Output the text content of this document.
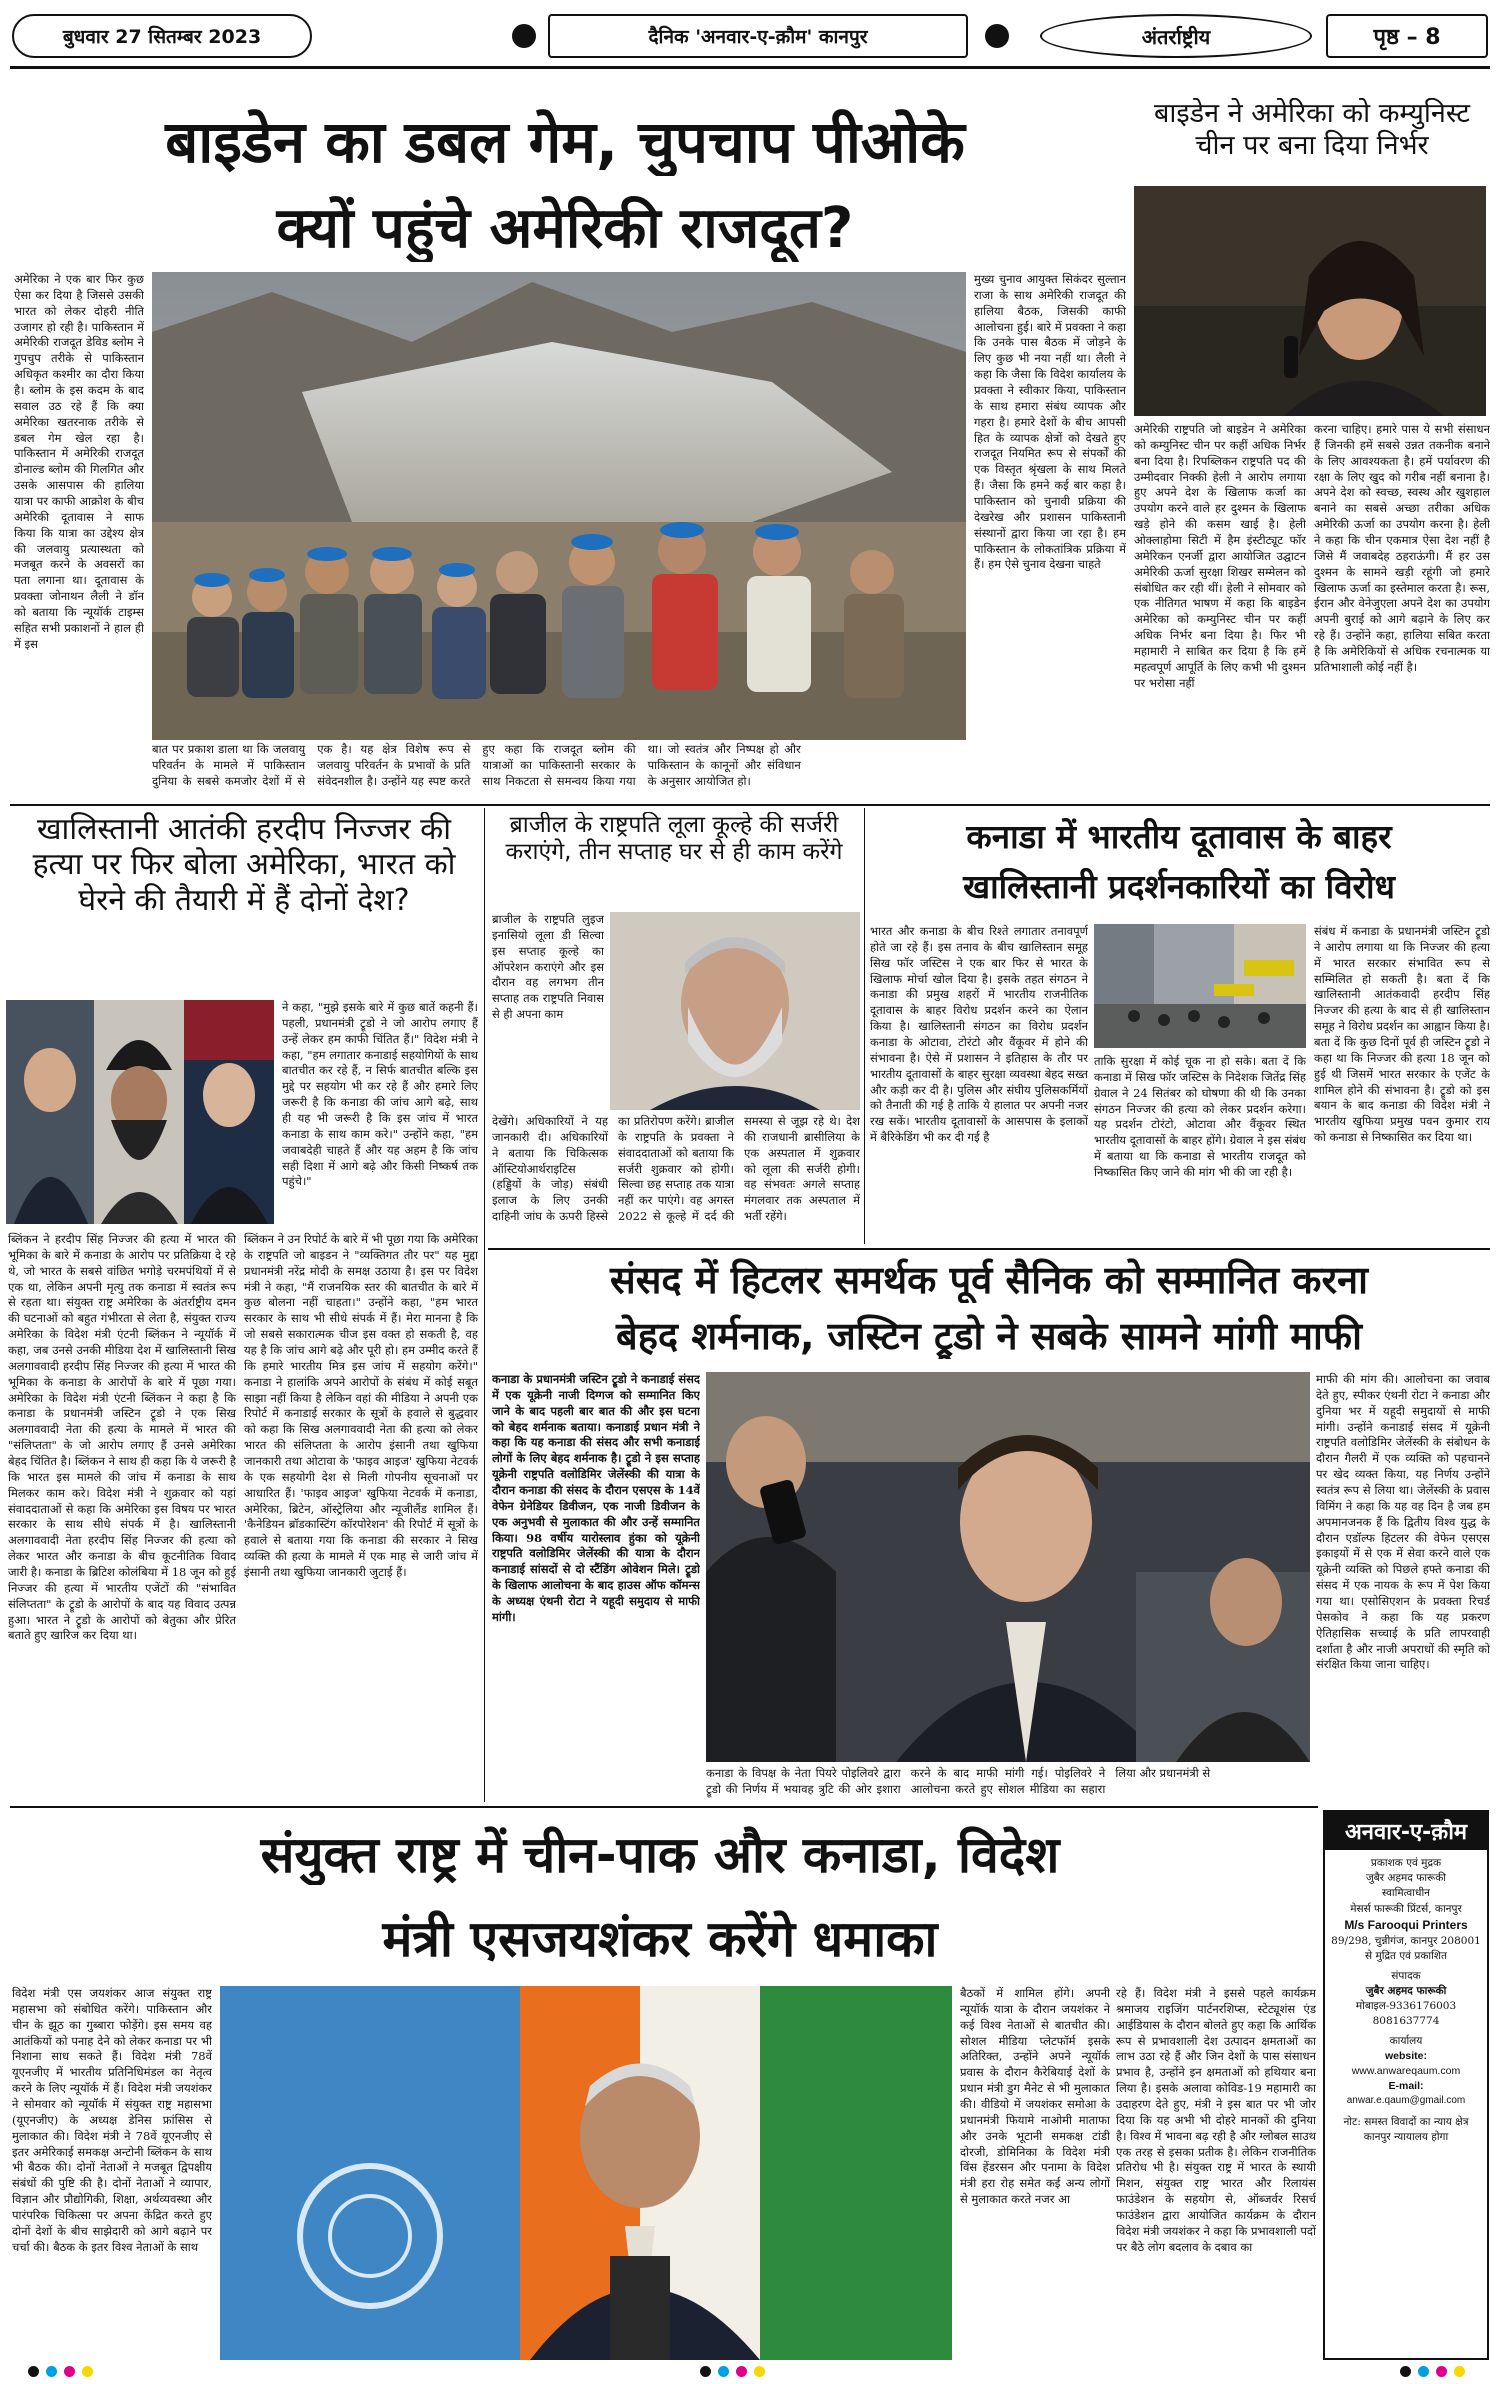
बुधवार 27 सितम्बर 2023	दैनिक 'अनवार-ए-क़ौम' कानपुर	अंतर्राष्ट्रीय	पृष्ठ – 8
बाइडेन का डबल गेम, चुपचाप पीओके
क्यों पहुंचे अमेरिकी राजदूत?
अमेरिका ने एक बार फिर कुछ ऐसा कर दिया है जिससे उसकी भारत को लेकर दोहरी नीति उजागर हो रही है। पाकिस्तान में अमेरिकी राजदूत डेविड ब्लोम ने गुपचुप तरीके से पाकिस्तान अधिकृत कश्मीर का दौरा किया है। ब्लोम के इस कदम के बाद सवाल उठ रहे हैं कि क्या अमेरिका खतरनाक तरीके से डबल गेम खेल रहा है। पाकिस्तान में अमेरिकी राजदूत डोनाल्ड ब्लोम की गिलगित और उसके आसपास की हालिया यात्रा पर काफी आक्रोश के बीच अमेरिकी दूतावास ने साफ किया कि यात्रा का उद्देश्य क्षेत्र की जलवायु प्रत्यास्थता को मजबूत करने के अवसरों का पता लगाना था। दूतावास के प्रवक्ता जोनाथन लैली ने डॉन को बताया कि न्यूयॉर्क टाइम्स सहित सभी प्रकाशनों ने हाल ही में इस
बात पर प्रकाश डाला था कि जलवायु परिवर्तन के मामले में पाकिस्तान दुनिया के सबसे कमजोर देशों में से एक है। यह क्षेत्र विशेष रूप से जलवायु परिवर्तन के प्रभावों के प्रति संवेदनशील है। उन्होंने यह स्पष्ट करते हुए कहा कि राजदूत ब्लोम की यात्राओं का पाकिस्तानी सरकार के साथ निकटता से समन्वय किया गया था। जो स्वतंत्र और निष्पक्ष हो और पाकिस्तान के कानूनों और संविधान के अनुसार आयोजित हो।
मुख्य चुनाव आयुक्त सिकंदर सुल्तान राजा के साथ अमेरिकी राजदूत की हालिया बैठक, जिसकी काफी आलोचना हुई। बारे में प्रवक्ता ने कहा कि उनके पास बैठक में जोड़ने के लिए कुछ भी नया नहीं था। लैली ने कहा कि जैसा कि विदेश कार्यालय के प्रवक्ता ने स्वीकार किया, पाकिस्तान के साथ हमारा संबंध व्यापक और गहरा है। हमारे देशों के बीच आपसी हित के व्यापक क्षेत्रों को देखते हुए राजदूत नियमित रूप से संपर्कों की एक विस्तृत श्रृंखला के साथ मिलते हैं। जैसा कि हमने कई बार कहा है। पाकिस्तान को चुनावी प्रक्रिया की देखरेख और प्रशासन पाकिस्तानी संस्थानों द्वारा किया जा रहा है। हम पाकिस्तान के लोकतांत्रिक प्रक्रिया में हैं। हम ऐसे चुनाव देखना चाहते
बाइडेन ने अमेरिका को कम्युनिस्ट चीन पर बना दिया निर्भर
अमेरिकी राष्ट्रपति जो बाइडेन ने अमेरिका को कम्युनिस्ट चीन पर कहीं अधिक निर्भर बना दिया है। रिपब्लिकन राष्ट्रपति पद की उम्मीदवार निक्की हेली ने आरोप लगाया हुए अपने देश के खिलाफ कर्जा का उपयोग करने वाले हर दुश्मन के खिलाफ खड़े होने की कसम खाई है। हेली ओक्लाहोमा सिटी में हैम इंस्टीट्यूट फॉर अमेरिकन एनर्जी द्वारा आयोजित उद्घाटन अमेरिकी ऊर्जा सुरक्षा शिखर सम्मेलन को संबोधित कर रही थीं। हेली ने सोमवार को एक नीतिगत भाषण में कहा कि बाइडेन अमेरिका को कम्युनिस्ट चीन पर कहीं अधिक निर्भर बना दिया है। फिर भी महामारी ने साबित कर दिया है कि हमें महत्वपूर्ण आपूर्ति के लिए कभी भी दुश्मन पर भरोसा नहीं
करना चाहिए। हमारे पास ये सभी संसाधन हैं जिनकी हमें सबसे उन्नत तकनीक बनाने के लिए आवश्यकता है। हमें पर्यावरण की रक्षा के लिए खुद को गरीब नहीं बनाना है। अपने देश को स्वच्छ, स्वस्थ और खुशहाल बनाने का सबसे अच्छा तरीका अधिक अमेरिकी ऊर्जा का उपयोग करना है। हेली ने कहा कि चीन एकमात्र ऐसा देश नहीं है जिसे मैं जवाबदेह ठहराऊंगी। मैं हर उस दुश्मन के सामने खड़ी रहूंगी जो हमारे खिलाफ ऊर्जा का इस्तेमाल करता है। रूस, ईरान और वेनेजुएला अपने देश का उपयोग अपनी बुराई को आगे बढ़ाने के लिए कर रहे हैं। उन्होंने कहा, हालिया सबित करता है कि अमेरिकियों से अधिक रचनात्मक या प्रतिभाशाली कोई नहीं है।
खालिस्तानी आतंकी हरदीप निज्जर की हत्या पर फिर बोला अमेरिका, भारत को घेरने की तैयारी में हैं दोनों देश?
ने कहा, "मुझे इसके बारे में कुछ बातें कहनी हैं। पहली, प्रधानमंत्री ट्रूडो ने जो आरोप लगाए हैं उन्हें लेकर हम काफी चिंतित हैं।" विदेश मंत्री ने कहा, "हम लगातार कनाडाई सहयोगियों के साथ बातचीत कर रहे हैं, न सिर्फ बातचीत बल्कि इस मुद्दे पर सहयोग भी कर रहे हैं और हमारे लिए जरूरी है कि कनाडा की जांच आगे बढ़े, साथ ही यह भी जरूरी है कि इस जांच में भारत कनाडा के साथ काम करे।" उन्होंने कहा, "हम जवाबदेही चाहते हैं और यह अहम है कि जांच सही दिशा में आगे बढ़े और किसी निष्कर्ष तक पहुंचे।"
ब्लिंकन ने हरदीप सिंह निज्जर की हत्या में भारत की भूमिका के बारे में कनाडा के आरोप पर प्रतिक्रिया दे रहे थे, जो भारत के सबसे वांछित भगोड़े चरमपंथियों में से एक था, लेकिन अपनी मृत्यु तक कनाडा में स्वतंत्र रूप से रहता था। संयुक्त राष्ट्र अमेरिका के अंतर्राष्ट्रीय दमन की घटनाओं को बहुत गंभीरता से लेता है, संयुक्त राज्य अमेरिका के विदेश मंत्री एंटनी ब्लिंकन ने न्यूयॉर्क में कहा, जब उनसे उनकी मीडिया देश में खालिस्तानी सिख अलगाववादी हरदीप सिंह निज्जर की हत्या में भारत की भूमिका के कनाडा के आरोपों के बारे में पूछा गया। अमेरिका के विदेश मंत्री एंटनी ब्लिंकन ने कहा है कि कनाडा के प्रधानमंत्री जस्टिन ट्रूडो ने एक सिख अलगाववादी नेता की हत्या के मामले में भारत की "संलिप्तता" के जो आरोप लगाए हैं उनसे अमेरिका बेहद चिंतित है। ब्लिंकन ने साथ ही कहा कि ये जरूरी है कि भारत इस मामले की जांच में कनाडा के साथ मिलकर काम करे। विदेश मंत्री ने शुक्रवार को यहां संवाददाताओं से कहा कि अमेरिका इस विषय पर भारत सरकार के साथ सीधे संपर्क में है। खालिस्तानी अलगाववादी नेता हरदीप सिंह निज्जर की हत्या को लेकर भारत और कनाडा के बीच कूटनीतिक विवाद जारी है। कनाडा के ब्रिटिश कोलंबिया में 18 जून को हुई निज्जर की हत्या में भारतीय एजेंटों की "संभावित संलिप्तता" के ट्रूडो के आरोपों के बाद यह विवाद उत्पन्न हुआ। भारत ने ट्रूडो के आरोपों को बेतुका और प्रेरित बताते हुए खारिज कर दिया था।
ब्लिंकन ने उन रिपोर्ट के बारे में भी पूछा गया कि अमेरिका के राष्ट्रपति जो बाइडन ने "व्यक्तिगत तौर पर" यह मुद्दा प्रधानमंत्री नरेंद्र मोदी के समक्ष उठाया है। इस पर विदेश मंत्री ने कहा, "मैं राजनयिक स्तर की बातचीत के बारे में कुछ बोलना नहीं चाहता।" उन्होंने कहा, "हम भारत सरकार के साथ भी सीधे संपर्क में हैं। मेरा मानना है कि जो सबसे सकारात्मक चीज इस वक्त हो सकती है, वह यह है कि जांच आगे बढ़े और पूरी हो। हम उम्मीद करते हैं कि हमारे भारतीय मित्र इस जांच में सहयोग करेंगे।" कनाडा ने हालांकि अपने आरोपों के संबंध में कोई सबूत साझा नहीं किया है लेकिन वहां की मीडिया ने अपनी एक रिपोर्ट में कनाडाई सरकार के सूत्रों के हवाले से बुद्धवार को कहा कि सिख अलगाववादी नेता की हत्या को लेकर भारत की संलिप्तता के आरोप इंसानी तथा खुफिया जानकारी तथा ओटावा के 'फाइव आइज' खुफिया नेटवर्क के एक सहयोगी देश से मिली गोपनीय सूचनाओं पर आधारित हैं। 'फाइव आइज' खुफिया नेटवर्क में कनाडा, अमेरिका, ब्रिटेन, ऑस्ट्रेलिया और न्यूजीलैंड शामिल हैं। 'कैनेडियन ब्रॉडकास्टिंग कॉरपोरेशन' की रिपोर्ट में सूत्रों के हवाले से बताया गया कि कनाडा की सरकार ने सिख व्यक्ति की हत्या के मामले में एक माह से जारी जांच में इंसानी तथा खुफिया जानकारी जुटाई हैं।
ब्राजील के राष्ट्रपति लूला कूल्हे की सर्जरी कराएंगे, तीन सप्ताह घर से ही काम करेंगे
ब्राजील के राष्ट्रपति लुइज इनासियो लूला डी सिल्वा इस सप्ताह कूल्हे का ऑपरेशन कराएंगे और इस दौरान वह लगभग तीन सप्ताह तक राष्ट्रपति निवास से ही अपना काम
देखेंगे। अधिकारियों ने यह जानकारी दी। अधिकारियों ने बताया कि चिकित्सक ऑस्टियोआर्थराइटिस (हड्डियों के जोड़) संबंधी इलाज के लिए उनकी दाहिनी जांघ के ऊपरी हिस्से का प्रतिरोपण करेंगे। ब्राजील के राष्ट्रपति के प्रवक्ता ने संवाददाताओं को बताया कि सर्जरी शुक्रवार को होगी। सिल्वा छह सप्ताह तक यात्रा नहीं कर पाएंगे। वह अगस्त 2022 से कूल्हे में दर्द की समस्या से जूझ रहे थे। देश की राजधानी ब्रासीलिया के एक अस्पताल में शुक्रवार को लूला की सर्जरी होगी। वह संभवतः अगले सप्ताह मंगलवार तक अस्पताल में भर्ती रहेंगे।
कनाडा में भारतीय दूतावास के बाहर
खालिस्तानी प्रदर्शनकारियों का विरोध
भारत और कनाडा के बीच रिश्ते लगातार तनावपूर्ण होते जा रहे हैं। इस तनाव के बीच खालिस्तान समूह सिख फॉर जस्टिस ने एक बार फिर से भारत के खिलाफ मोर्चा खोल दिया है। इसके तहत संगठन ने कनाडा की प्रमुख शहरों में भारतीय राजनीतिक दूतावास के बाहर विरोध प्रदर्शन करने का ऐलान किया है। खालिस्तानी संगठन का विरोध प्रदर्शन कनाडा के ओटावा, टोरंटो और वैंकूवर में होने की संभावना है। ऐसे में प्रशासन ने इतिहास के तौर पर भारतीय दूतावासों के बाहर सुरक्षा व्यवस्था बेहद सख्त और कड़ी कर दी है। पुलिस और संघीय पुलिसकर्मियों को तैनाती की गई है ताकि ये हालात पर अपनी नजर रख सकें। भारतीय दूतावासों के आसपास के इलाकों में बैरिकेडिंग भी कर दी गई है
ताकि सुरक्षा में कोई चूक ना हो सके। बता दें कि कनाडा में सिख फॉर जस्टिस के निदेशक जितेंद्र सिंह ग्रेवाल ने 24 सितंबर को घोषणा की थी कि उनका संगठन निज्जर की हत्या को लेकर प्रदर्शन करेगा। यह प्रदर्शन टोरंटो, ओटावा और वैंकूवर स्थित भारतीय दूतावासों के बाहर होंगे। ग्रेवाल ने इस संबंध में बताया था कि कनाडा से भारतीय राजदूत को निष्कासित किए जाने की मांग भी की जा रही है।
संबंध में कनाडा के प्रधानमंत्री जस्टिन ट्रूडो ने आरोप लगाया था कि निज्जर की हत्या में भारत सरकार संभावित रूप से सम्मिलित हो सकती है। बता दें कि खालिस्तानी आतंकवादी हरदीप सिंह निज्जर की हत्या के बाद से ही खालिस्तान समूह ने विरोध प्रदर्शन का आह्वान किया है। बता दें कि कुछ दिनों पूर्व ही जस्टिन ट्रूडो ने कहा था कि निज्जर की हत्या 18 जून को हुई थी जिसमें भारत सरकार के एजेंट के शामिल होने की संभावना है। ट्रूडो को इस बयान के बाद कनाडा की विदेश मंत्री ने भारतीय खुफिया प्रमुख पवन कुमार राय को कनाडा से निष्कासित कर दिया था।
संसद में हिटलर समर्थक पूर्व सैनिक को सम्मानित करना
बेहद शर्मनाक, जस्टिन ट्रूडो ने सबके सामने मांगी माफी
कनाडा के प्रधानमंत्री जस्टिन ट्रूडो ने कनाडाई संसद में एक यूक्रेनी नाजी दिग्गज को सम्मानित किए जाने के बाद पहली बार बात की और इस घटना को बेहद शर्मनाक बताया। कनाडाई प्रधान मंत्री ने कहा कि यह कनाडा की संसद और सभी कनाडाई लोगों के लिए बेहद शर्मनाक है। ट्रूडो ने इस सप्ताह यूक्रेनी राष्ट्रपति वलोडिमिर जेलेंस्की की यात्रा के दौरान कनाडा की संसद के दौरान एसएस के 14वें वेफेन ग्रेनेडियर डिवीजन, एक नाजी डिवीजन के एक अनुभवी से मुलाकात की और उन्हें सम्मानित किया। 98 वर्षीय यारोस्लाव हुंका को यूक्रेनी राष्ट्रपति वलोडिमिर जेलेंस्की की यात्रा के दौरान कनाडाई सांसदों से दो स्टैंडिंग ओवेशन मिले। ट्रूडो के खिलाफ आलोचना के बाद हाउस ऑफ कॉमन्स के अध्यक्ष एंथनी रोटा ने यहूदी समुदाय से माफी मांगी।
कनाडा के विपक्ष के नेता पियरे पोइलिवरे द्वारा ट्रूडो की निर्णय में भयावह त्रुटि की ओर इशारा करने के बाद माफी मांगी गई। पोइलिवरे ने आलोचना करते हुए सोशल मीडिया का सहारा लिया और प्रधानमंत्री से
माफी की मांग की। आलोचना का जवाब देते हुए, स्पीकर एंथनी रोटा ने कनाडा और दुनिया भर में यहूदी समुदायों से माफी मांगी। उन्होंने कनाडाई संसद में यूक्रेनी राष्ट्रपति वलोडिमिर जेलेंस्की के संबोधन के दौरान गैलरी में एक व्यक्ति को पहचानने पर खेद व्यक्त किया, यह निर्णय उन्होंने स्वतंत्र रूप से लिया था। जेलेंस्की के प्रवास विमिंग ने कहा कि यह वह दिन है जब हम अपमानजनक हैं कि द्वितीय विश्व युद्ध के दौरान एडॉल्फ हिटलर की वेफेन एसएस इकाइयों में से एक में सेवा करने वाले एक यूक्रेनी व्यक्ति को पिछले हफ्ते कनाडा की संसद में एक नायक के रूप में पेश किया गया था। एसोसिएशन के प्रवक्ता रिचर्ड पेसकोव ने कहा कि यह प्रकरण ऐतिहासिक सच्चाई के प्रति लापरवाही दर्शाता है और नाजी अपराधों की स्मृति को संरक्षित किया जाना चाहिए।
संयुक्त राष्ट्र में चीन-पाक और कनाडा, विदेश
मंत्री एसजयशंकर करेंगे धमाका
विदेश मंत्री एस जयशंकर आज संयुक्त राष्ट्र महासभा को संबोधित करेंगे। पाकिस्तान और चीन के झूठ का गुब्बारा फोड़ेंगे। इस समय वह आतंकियों को पनाह देने को लेकर कनाडा पर भी निशाना साध सकते हैं। विदेश मंत्री 78वें यूएनजीए में भारतीय प्रतिनिधिमंडल का नेतृत्व करने के लिए न्यूयॉर्क में हैं। विदेश मंत्री जयशंकर ने सोमवार को न्यूयॉर्क में संयुक्त राष्ट्र महासभा (यूएनजीए) के अध्यक्ष डेनिस फ्रांसिस से मुलाकात की। विदेश मंत्री ने 78वें यूएनजीए से इतर अमेरिकाई समकक्ष अन्टोनी ब्लिंकन के साथ भी बैठक की। दोनों नेताओं ने मजबूत द्विपक्षीय संबंधों की पुष्टि की है। दोनों नेताओं ने व्यापार, विज्ञान और प्रौद्योगिकी, शिक्षा, अर्थव्यवस्था और पारंपरिक चिकित्सा पर अपना केंद्रित करते हुए दोनों देशों के बीच साझेदारी को आगे बढ़ाने पर चर्चा की। बैठक के इतर विश्व नेताओं के साथ
बैठकों में शामिल होंगे। अपनी न्यूयॉर्क यात्रा के दौरान जयशंकर ने कई विश्व नेताओं से बातचीत की। सोशल मीडिया प्लेटफॉर्म इसके अतिरिक्त, उन्होंने अपने न्यूयॉर्क प्रवास के दौरान कैरेबियाई देशों के प्रधान मंत्री डुग मैनेट से भी मुलाकात की। वीडियो में जयशंकर समोआ के प्रधानमंत्री फियामे नाओमी माताफा और उनके भूटानी समकक्ष टांडी दोरजी, डोमिनिका के विदेश मंत्री विंस हेंडरसन और पनामा के विदेश मंत्री हरा रोह समेत कई अन्य लोगों से मुलाकात करते नजर आ
रहे हैं। विदेश मंत्री ने इससे पहले कार्यक्रम श्रमाजय राइजिंग पार्टनरशिप्स, स्टेट्यूशंस एंड आईडियास के दौरान बोलते हुए कहा कि आर्थिक रूप से प्रभावशाली देश उत्पादन क्षमताओं का लाभ उठा रहे हैं और जिन देशों के पास संसाधन प्रभाव है, उन्होंने इन क्षमताओं को हथियार बना लिया है। इसके अलावा कोविड-19 महामारी का उदाहरण देते हुए, मंत्री ने इस बात पर भी जोर दिया कि यह अभी भी दोहरे मानकों की दुनिया है। विश्व में भावना बढ़ रही है और ग्लोबल साउथ एक तरह से इसका प्रतीक है। लेकिन राजनीतिक प्रतिरोध भी है। संयुक्त राष्ट्र में भारत के स्थायी मिशन, संयुक्त राष्ट्र भारत और रिलायंस फाउंडेशन के सहयोग से, ऑब्जर्वर रिसर्च फाउंडेशन द्वारा आयोजित कार्यक्रम के दौरान विदेश मंत्री जयशंकर ने कहा कि प्रभावशाली पदों पर बैठे लोग बदलाव के दबाव का
अनवार-ए-क़ौम
प्रकाशक एवं मुद्रक
जुबैर अहमद फारूकी
स्वामित्वाधीन
मेसर्स फारूकी प्रिंटर्स, कानपुर
M/s Farooqui Printers
89/298, चुन्नीगंज, कानपुर 208001 से मुद्रित एवं प्रकाशित
संपादक
जुबैर अहमद फारूकी
मोबाइल-9336176003
8081637774
कार्यालय
website:
www.anwareqaum.com
E-mail:
anwar.e.qaum@gmail.com
नोट: समस्त विवादों का न्याय क्षेत्र कानपुर न्यायालय होगा
